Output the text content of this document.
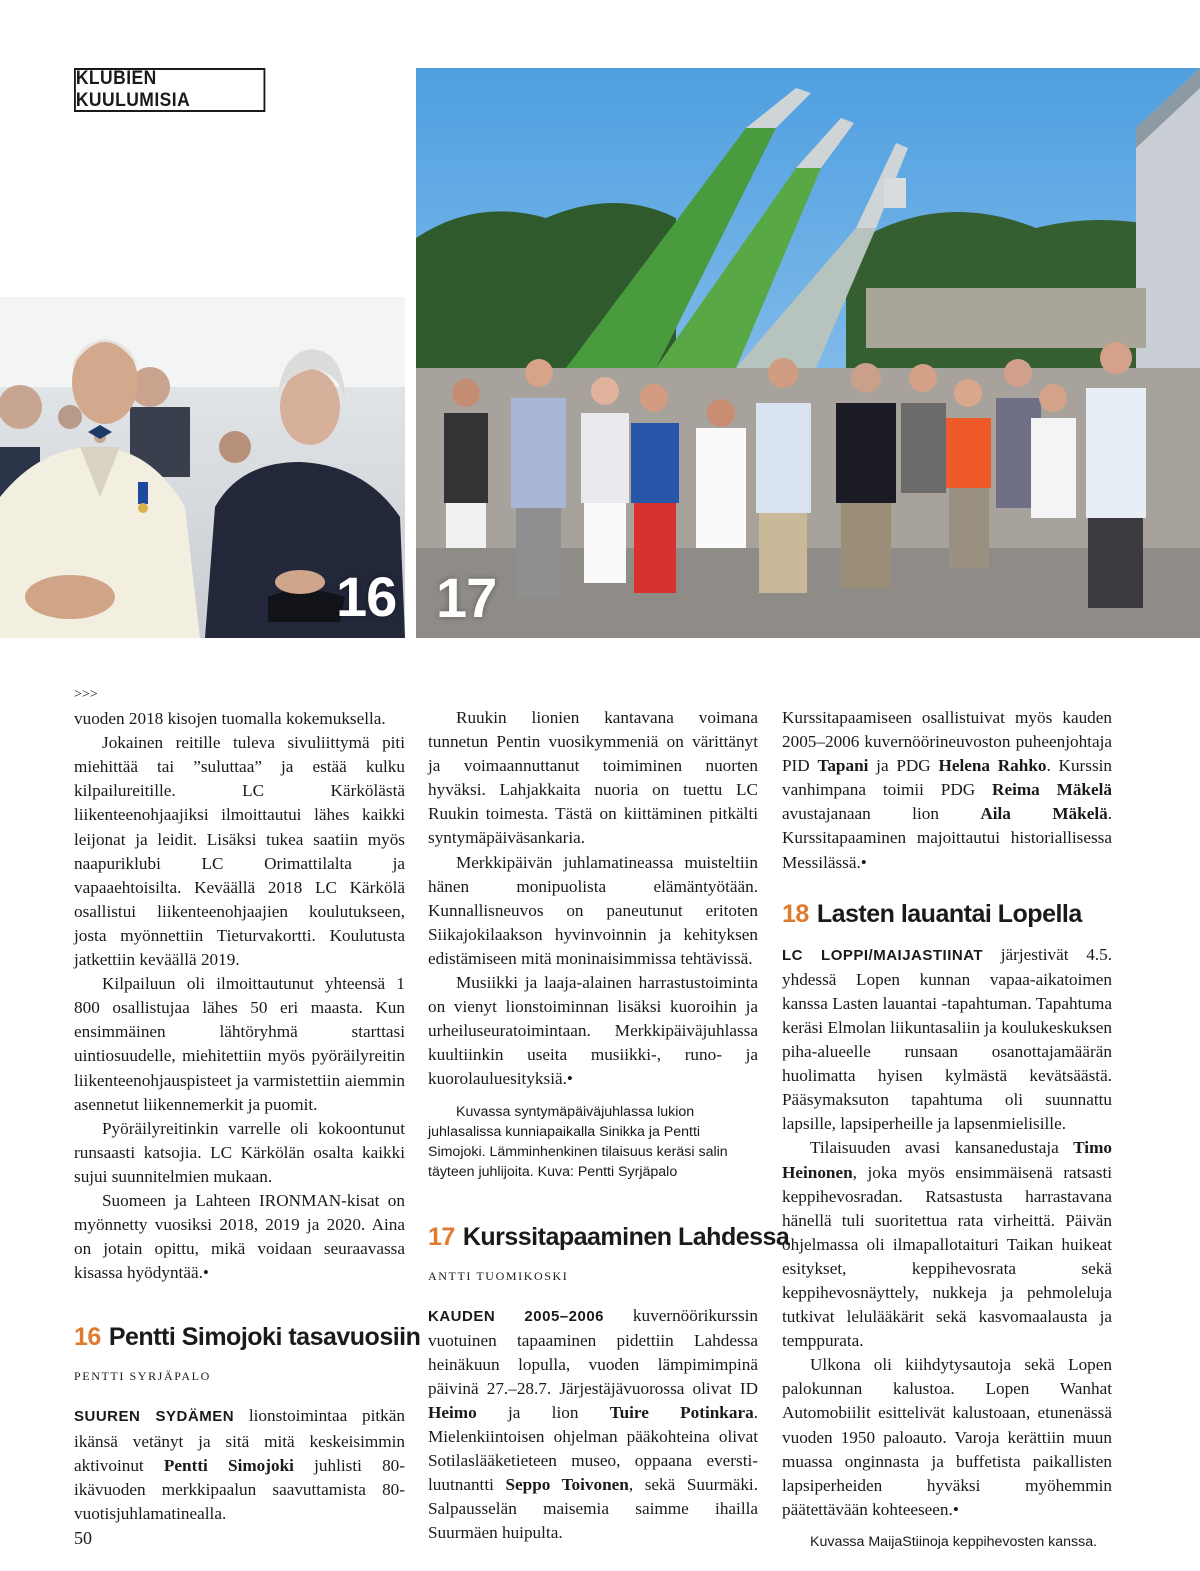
KLUBIEN KUULUMISIA
16 17
>>>

vuoden 2018 kisojen tuomalla kokemuksella.

Jokainen reitille tuleva sivuliittymä piti miehittää tai ”suluttaa” ja estää kulku kilpailureitille. LC Kärkölästä liikenteenohjaajiksi ilmoittautui lähes kaikki leijonat ja leidit. Lisäksi tukea saatiin myös naapuriklubi LC Orimattilalta ja vapaaehtoisilta. Keväällä 2018 LC Kärkölä osallistui liikenteenohjaajien koulutukseen, josta myönnettiin Tieturvakortti. Koulutusta jatkettiin keväällä 2019.

Kilpailuun oli ilmoittautunut yhteensä 1 800 osallistujaa lähes 50 eri maasta. Kun ensimmäinen lähtöryhmä starttasi uintiosuudelle, miehitettiin myös pyöräilyreitin liikenteenohjauspisteet ja varmistettiin aiemmin asennetut liikennemerkit ja puomit.

Pyöräilyreitinkin varrelle oli kokoontunut runsaasti katsojia. LC Kärkölän osalta kaikki sujui suunnitelmien mukaan.

Suomeen ja Lahteen IRONMAN-kisat on myönnetty vuosiksi 2018, 2019 ja 2020. Aina on jotain opittu, mikä voidaan seuraavassa kisassa hyödyntää.•

16 Pentti Simojoki tasavuosiin
PENTTI SYRJÄPALO

SUUREN SYDÄMEN lionstoimintaa pitkän ikänsä vetänyt ja sitä mitä keskeisimmin aktivoinut Pentti Simojoki juhlisti 80-ikävuoden merkkipaalun saavuttamista 80-vuotisjuhlamatinealla.

Ruukin lionien kantavana voimana tunnetun Pentin vuosikymmeniä on värittänyt ja voimaannuttanut toimiminen nuorten hyväksi. Lahjakkaita nuoria on tuettu LC Ruukin toimesta. Tästä on kiittäminen pitkälti syntymäpäiväsankaria.

Merkkipäivän juhlamatineassa muisteltiin hänen monipuolista elämäntyötään. Kunnallisneuvos on paneutunut eritoten Siikajokilaakson hyvinvoinnin ja kehityksen edistämiseen mitä moninaisimmissa tehtävissä.

Musiikki ja laaja-alainen harrastustoiminta on vienyt lionstoiminnan lisäksi kuoroihin ja urheiluseuratoimintaan. Merkkipäiväjuhlassa kuultiinkin useita musiikki-, runo- ja kuorolauluesityksiä.•

Kuvassa syntymäpäiväjuhlassa lukion juhlasalissa kunniapaikalla Sinikka ja Pentti Simojoki. Lämminhenkinen tilaisuus keräsi salin täyteen juhlijoita. Kuva: Pentti Syrjäpalo

17 Kurssitapaaminen Lahdessa
ANTTI TUOMIKOSKI

KAUDEN 2005–2006 kuvernöörikurssin vuotuinen tapaaminen pidettiin Lahdessa heinäkuun lopulla, vuoden lämpimimpinä päivinä 27.–28.7. Järjestäjävuorossa olivat ID Heimo ja lion Tuire Potinkara. Mielenkiintoisen ohjelman pääkohteina olivat Sotilaslääketieteen museo, oppaana everstiluutnantti Seppo Toivonen, sekä Suurmäki. Salpausselän maisemia saimme ihailla Suurmäen huipulta.

Kurssitapaamiseen osallistuivat myös kauden 2005–2006 kuvernöörineuvoston puheenjohtaja PID Tapani ja PDG Helena Rahko. Kurssin vanhimpana toimii PDG Reima Mäkelä avustajanaan lion Aila Mäkelä. Kurssitapaaminen majoittautui historiallisessa Messilässä.•

18 Lasten lauantai Lopella

LC LOPPI/MAIJASTIINAT järjestivät 4.5. yhdessä Lopen kunnan vapaa-aikatoimen kanssa Lasten lauantai -tapahtuman. Tapahtuma keräsi Elmolan liikuntasaliin ja koulukeskuksen piha-alueelle runsaan osanottajamäärän huolimatta hyisen kylmästä kevätsäästä. Pääsymaksuton tapahtuma oli suunnattu lapsille, lapsiperheille ja lapsenmielisille.

Tilaisuuden avasi kansanedustaja Timo Heinonen, joka myös ensimmäisenä ratsasti keppihevosradan. Ratsastusta harrastavana hänellä tuli suoritettua rata virheittä. Päivän ohjelmassa oli ilmapallotaituri Taikan huikeat esitykset, keppihevosrata sekä keppihevosnäyttely, nukkeja ja pehmoleluja tutkivat lelulääkärit sekä kasvomaalausta ja temppurata.

Ulkona oli kiihdytysautoja sekä Lopen palokunnan kalustoa. Lopen Wanhat Automobiilit esittelivät kalustoaan, etunenässä vuoden 1950 paloauto. Varoja kerättiin muun muassa onginnasta ja buffetista paikallisten lapsiperheiden hyväksi myöhemmin päätettävään kohteeseen.•

Kuvassa MaijaStiinoja keppihevosten kanssa.

50
